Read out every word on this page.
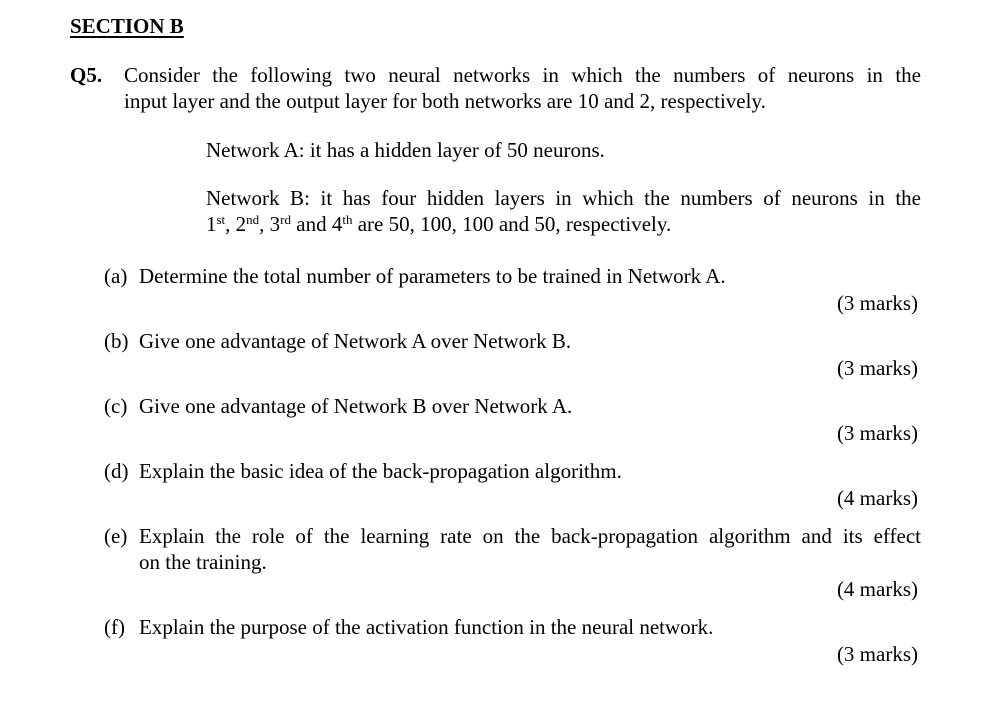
SECTION B

Q5. Consider the following two neural networks in which the numbers of neurons in the

input layer and the output layer for both networks are 10 and 2, respectively.

Network A: it has a hidden layer of 50 neurons.

Network B: it has four hidden layers in which the numbers of neurons in the

1st, 2nd, 3rd and 4th are 50, 100, 100 and 50, respectively.

(a) Determine the total number of parameters to be trained in Network A.

(3 marks)

(b) Give one advantage of Network A over Network B.

(3 marks)

(c) Give one advantage of Network B over Network A.

(3 marks)

(d) Explain the basic idea of the back-propagation algorithm.

(4 marks)

(e) Explain the role of the learning rate on the back-propagation algorithm and its effect

on the training.

(4 marks)

(f) Explain the purpose of the activation function in the neural network.

(3 marks)
